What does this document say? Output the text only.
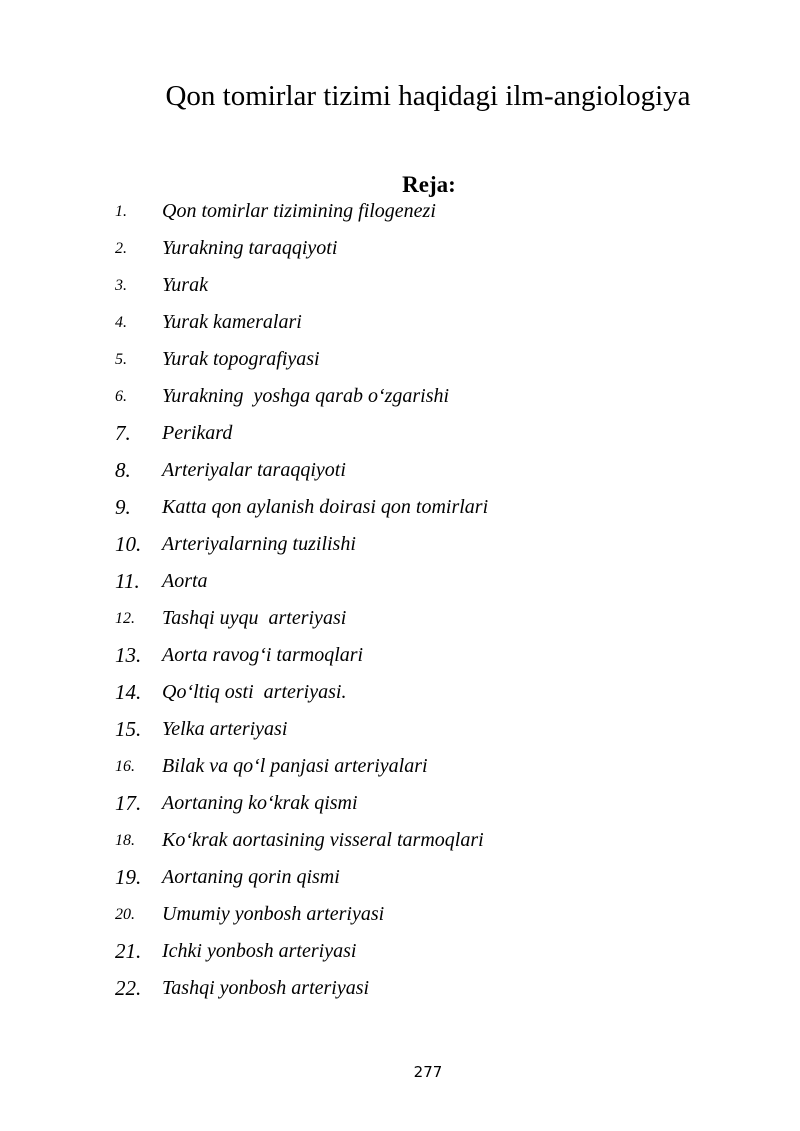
Qon tomirlar tizimi haqidagi ilm-angiologiya
Reja:
1. Qon tomirlar tizimining filogenezi
2. Yurakning taraqqiyoti
3. Yurak
4. Yurak kameralari
5. Yurak topografiyasi
6. Yurakning  yoshga qarab o‘zgarishi
7. Perikard
8. Arteriyalar taraqqiyoti
9. Katta qon aylanish doirasi qon tomirlari
10. Arteriyalarning tuzilishi
11. Aorta
12. Tashqi uyqu  arteriyasi
13. Aorta ravog‘i tarmoqlari
14. Qo‘ltiq osti  arteriyasi.
15. Yelka arteriyasi
16. Bilak va qo‘l panjasi arteriyalari
17. Aortaning ko‘krak qismi
18. Ko‘krak aortasining visseral tarmoqlari
19. Aortaning qorin qismi
20. Umumiy yonbosh arteriyasi
21. Ichki yonbosh arteriyasi
22. Tashqi yonbosh arteriyasi
277
